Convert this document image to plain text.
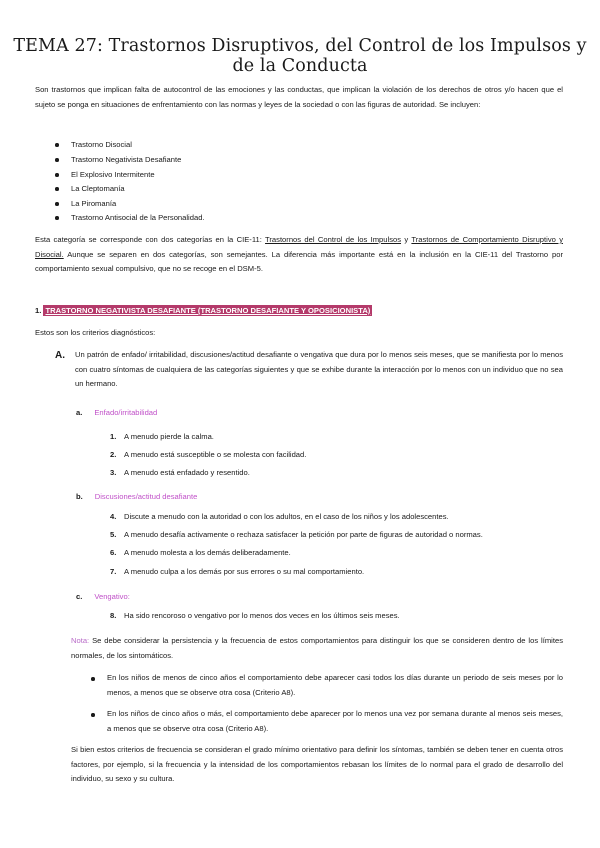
TEMA 27: Trastornos Disruptivos, del Control de los Impulsos y de la Conducta
Son trastornos que implican falta de autocontrol de las emociones y las conductas, que implican la violación de los derechos de otros y/o hacen que el sujeto se ponga en situaciones de enfrentamiento con las normas y leyes de la sociedad o con las figuras de autoridad. Se incluyen:
Trastorno Disocial
Trastorno Negativista Desafiante
El Explosivo Intermitente
La Cleptomanía
La Piromanía
Trastorno Antisocial de la Personalidad.
Esta categoría se corresponde con dos categorías en la CIE-11: Trastornos del Control de los Impulsos y Trastornos de Comportamiento Disruptivo y Disocial. Aunque se separen en dos categorías, son semejantes. La diferencia más importante está en la inclusión en la CIE-11 del Trastorno por comportamiento sexual compulsivo, que no se recoge en el DSM-5.
1. TRASTORNO NEGATIVISTA DESAFIANTE (TRASTORNO DESAFIANTE Y OPOSICIONISTA)
Estos son los criterios diagnósticos:
A. Un patrón de enfado/ irritabilidad, discusiones/actitud desafiante o vengativa que dura por lo menos seis meses, que se manifiesta por lo menos con cuatro síntomas de cualquiera de las categorías siguientes y que se exhibe durante la interacción por lo menos con un individuo que no sea un hermano.
a. Enfado/irritabilidad
1. A menudo pierde la calma.
2. A menudo está susceptible o se molesta con facilidad.
3. A menudo está enfadado y resentido.
b. Discusiones/actitud desafiante
4. Discute a menudo con la autoridad o con los adultos, en el caso de los niños y los adolescentes.
5. A menudo desafía activamente o rechaza satisfacer la petición por parte de figuras de autoridad o normas.
6. A menudo molesta a los demás deliberadamente.
7. A menudo culpa a los demás por sus errores o su mal comportamiento.
c. Vengativo:
8. Ha sido rencoroso o vengativo por lo menos dos veces en los últimos seis meses.
Nota: Se debe considerar la persistencia y la frecuencia de estos comportamientos para distinguir los que se consideren dentro de los límites normales, de los sintomáticos.
En los niños de menos de cinco años el comportamiento debe aparecer casi todos los días durante un periodo de seis meses por lo menos, a menos que se observe otra cosa (Criterio A8).
En los niños de cinco años o más, el comportamiento debe aparecer por lo menos una vez por semana durante al menos seis meses, a menos que se observe otra cosa (Criterio A8).
Si bien estos criterios de frecuencia se consideran el grado mínimo orientativo para definir los síntomas, también se deben tener en cuenta otros factores, por ejemplo, si la frecuencia y la intensidad de los comportamientos rebasan los límites de lo normal para el grado de desarrollo del individuo, su sexo y su cultura.
